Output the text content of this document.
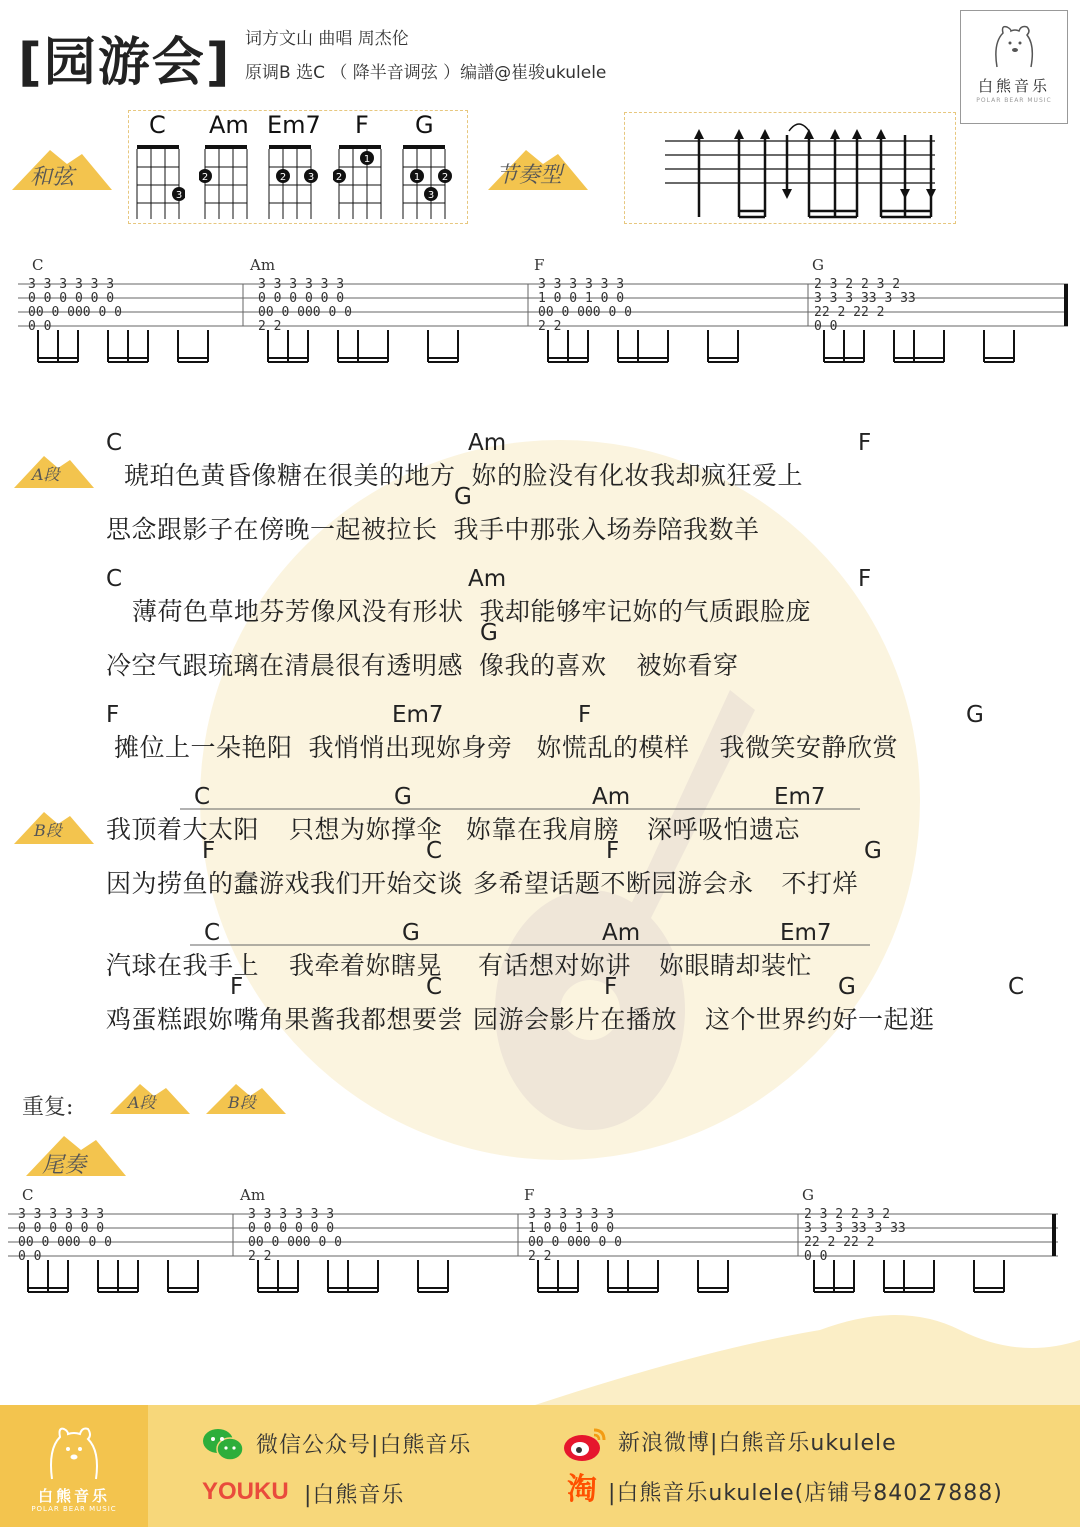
[园游会] 词方文山 曲唱 周杰伦
原调B 选C （ 降半音调弦 ）编譜@崔骏ukulele
白熊音乐
POLAR BEAR MUSIC
和弦
C
3
Am
2
Em7
2 3
F
1
2
G
1 2
3
节奏型
C	Am	F	G
3 3 3 3 3 3
0 0 0 0 0 0
00 0 000 0 0
0 0
3 3 3 3 3 3
0 0 0 0 0 0
00 0 000 0 0
2 2
3 3 3 3 3 3
1 0 0 1 0 0
00 0 000 0 0
2 2
2 3 2 2 3 2
3 3 3 33 3 33
22 2 22 2
0 0
A段
C	Am	F
琥珀色黄昏像糖在很美的地方 妳的脸没有化妆我却疯狂爱上
G
思念跟影子在傍晚一起被拉长 我手中那张入场券陪我数羊
C	Am	F
薄荷色草地芬芳像风没有形状 我却能够牢记妳的气质跟脸庞
G
冷空气跟琉璃在清晨很有透明感 像我的喜欢 被妳看穿
F	Em7	F	G
摊位上一朵艳阳 我悄悄出现妳身旁 妳慌乱的模样 我微笑安静欣赏
B段
C	G	Am	Em7
我顶着大太阳 只想为妳撑伞 妳靠在我肩膀 深呼吸怕遗忘
F	C	F	G
因为捞鱼的蠢游戏我们开始交谈 多希望话题不断园游会永 不打烊
C	G	Am	Em7
汽球在我手上 我牵着妳瞎晃 有话想对妳讲 妳眼睛却装忙
F	C	F	G	C
鸡蛋糕跟妳嘴角果酱我都想要尝 园游会影片在播放 这个世界约好一起逛
重复:	A段	B段
尾奏
C	Am	F	G
3 3 3 3 3 3
0 0 0 0 0 0
00 0 000 0 0
0 0
3 3 3 3 3 3
0 0 0 0 0 0
00 0 000 0 0
2 2
3 3 3 3 3 3
1 0 0 1 0 0
00 0 000 0 0
2 2
2 3 2 2 3 2
3 3 3 33 3 33
22 2 22 2
0 0
白熊音乐
POLAR BEAR MUSIC
微信公众号|白熊音乐	新浪微博|白熊音乐ukulele
YOUKU |白熊音乐	淘 |白熊音乐ukulele(店铺号84027888)
